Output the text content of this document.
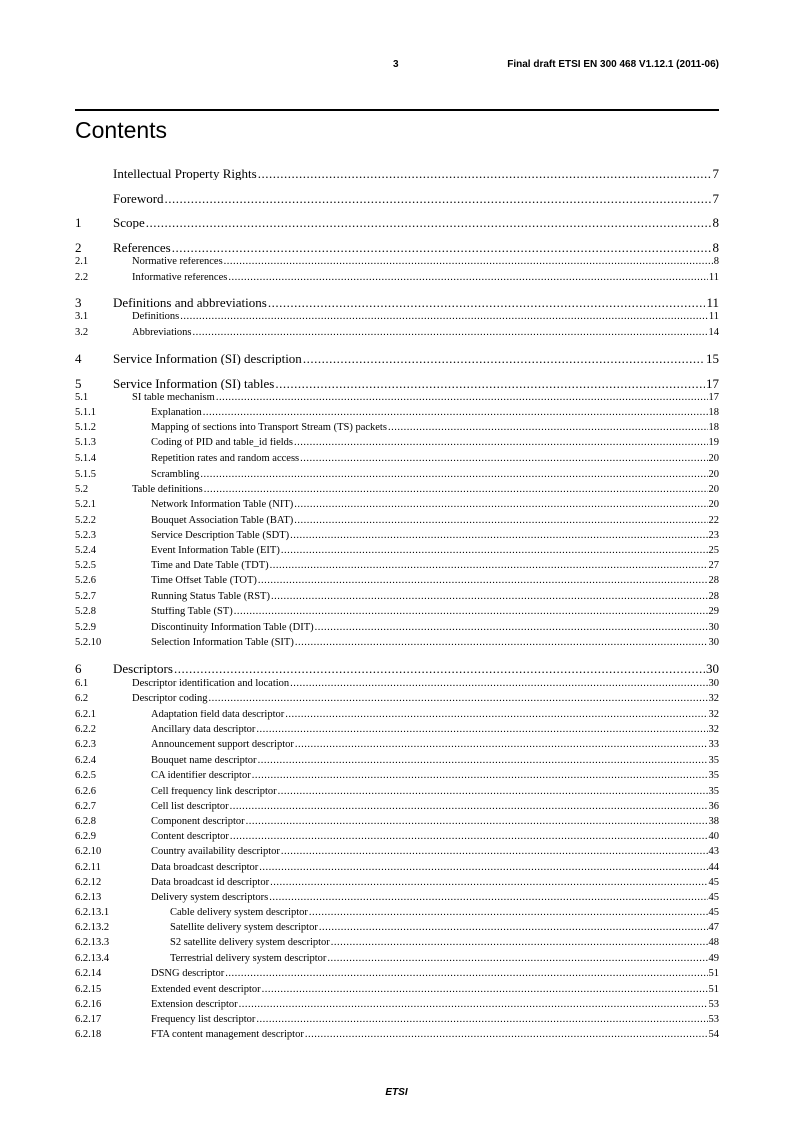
3	Final draft ETSI EN 300 468 V1.12.1 (2011-06)
Contents
Intellectual Property Rights .....	7
Foreword .....	7
1 Scope .....	8
2 References .....	8
2.1	Normative references .....	8
2.2	Informative references .....	11
3 Definitions and abbreviations .....	11
3.1	Definitions .....	11
3.2	Abbreviations .....	14
4 Service Information (SI) description .....	15
5 Service Information (SI) tables .....	17
5.1	SI table mechanism .....	17
5.1.1	Explanation .....	18
5.1.2	Mapping of sections into Transport Stream (TS) packets .....	18
5.1.3	Coding of PID and table_id fields .....	19
5.1.4	Repetition rates and random access .....	20
5.1.5	Scrambling .....	20
5.2	Table definitions .....	20
5.2.1	Network Information Table (NIT) .....	20
5.2.2	Bouquet Association Table (BAT) .....	22
5.2.3	Service Description Table (SDT) .....	23
5.2.4	Event Information Table (EIT) .....	25
5.2.5	Time and Date Table (TDT) .....	27
5.2.6	Time Offset Table (TOT) .....	28
5.2.7	Running Status Table (RST) .....	28
5.2.8	Stuffing Table (ST) .....	29
5.2.9	Discontinuity Information Table (DIT) .....	30
5.2.10	Selection Information Table (SIT) .....	30
6 Descriptors .....	30
6.1	Descriptor identification and location .....	30
6.2	Descriptor coding .....	32
6.2.1	Adaptation field data descriptor .....	32
6.2.2	Ancillary data descriptor .....	32
6.2.3	Announcement support descriptor .....	33
6.2.4	Bouquet name descriptor .....	35
6.2.5	CA identifier descriptor .....	35
6.2.6	Cell frequency link descriptor .....	35
6.2.7	Cell list descriptor .....	36
6.2.8	Component descriptor .....	38
6.2.9	Content descriptor .....	40
6.2.10	Country availability descriptor .....	43
6.2.11	Data broadcast descriptor .....	44
6.2.12	Data broadcast id descriptor .....	45
6.2.13	Delivery system descriptors .....	45
6.2.13.1	Cable delivery system descriptor .....	45
6.2.13.2	Satellite delivery system descriptor .....	47
6.2.13.3	S2 satellite delivery system descriptor .....	48
6.2.13.4	Terrestrial delivery system descriptor .....	49
6.2.14	DSNG descriptor .....	51
6.2.15	Extended event descriptor .....	51
6.2.16	Extension descriptor .....	53
6.2.17	Frequency list descriptor .....	53
6.2.18	FTA content management descriptor .....	54
ETSI
